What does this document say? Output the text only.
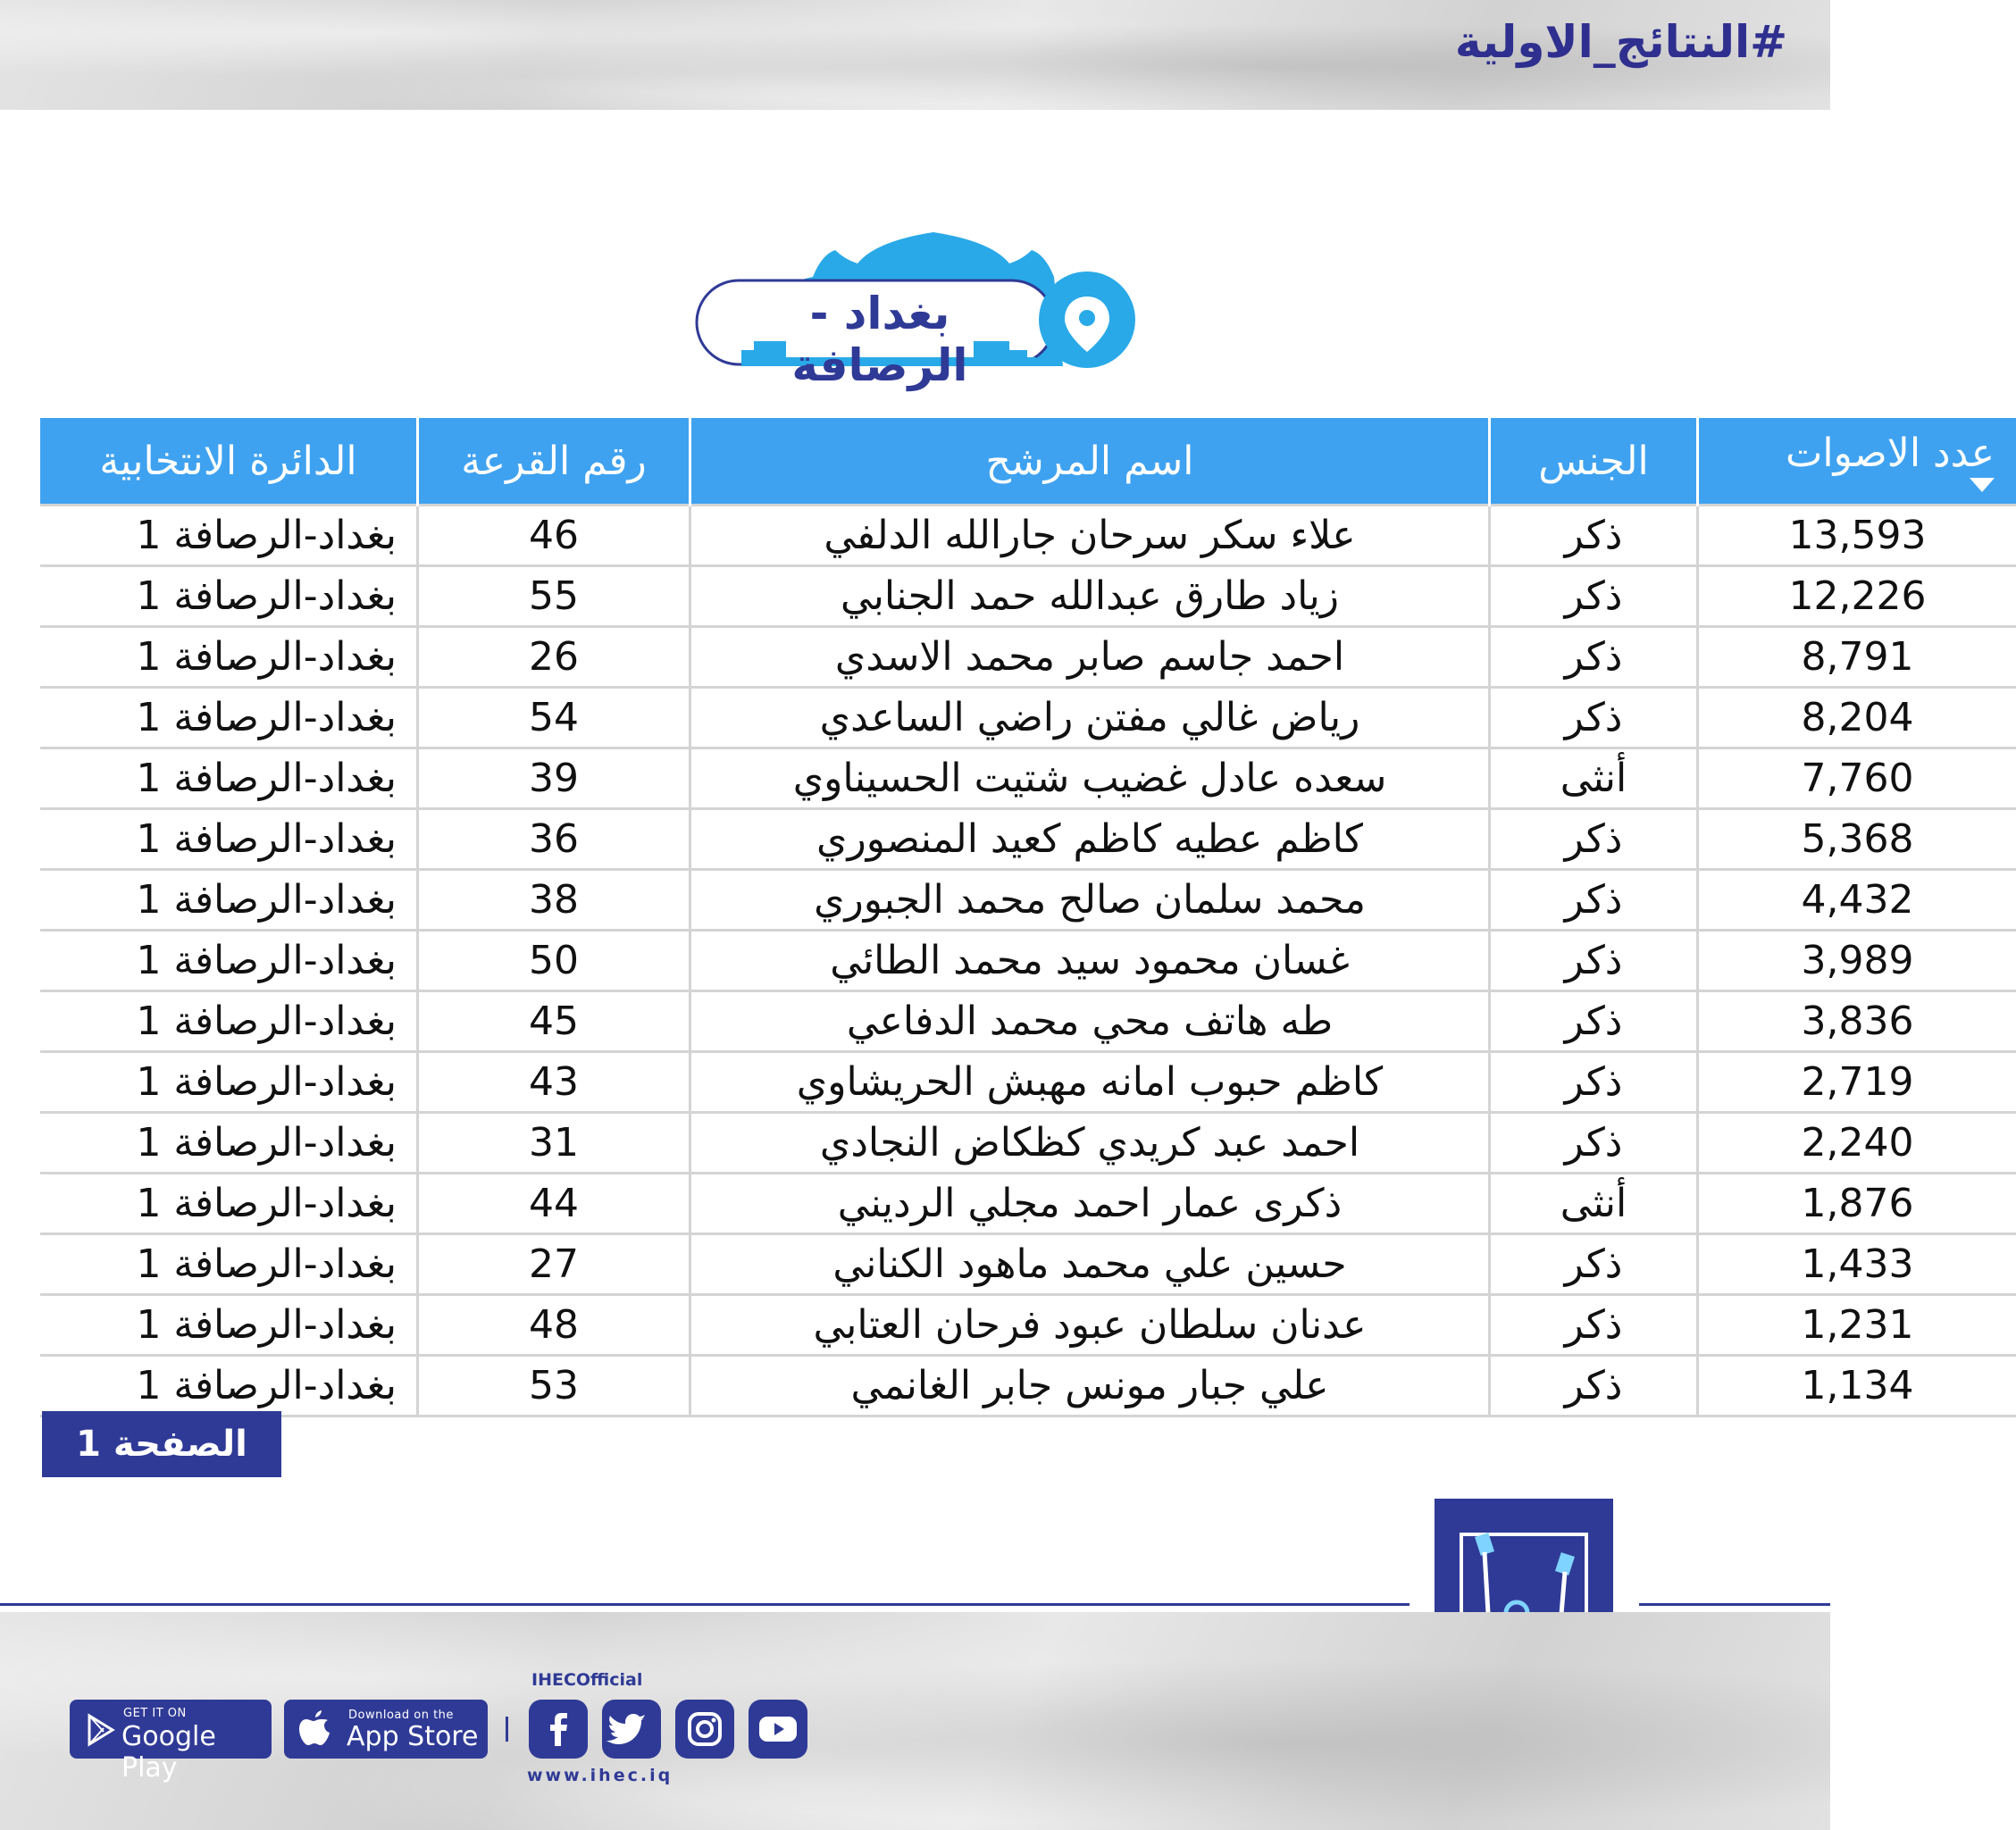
#النتائج_الاولية
بغداد - الرصافة
عدد الاصوات	الجنس	اسم المرشح	رقم القرعة	الدائرة الانتخابية
13,593	ذكر	علاء سكر سرحان جارالله الدلفي	46	بغداد-الرصافة 1
12,226	ذكر	زياد طارق عبدالله حمد الجنابي	55	بغداد-الرصافة 1
8,791	ذكر	احمد جاسم صابر محمد الاسدي	26	بغداد-الرصافة 1
8,204	ذكر	رياض غالي مفتن راضي الساعدي	54	بغداد-الرصافة 1
7,760	أنثى	سعده عادل غضيب شتيت الحسيناوي	39	بغداد-الرصافة 1
5,368	ذكر	كاظم عطيه كاظم كعيد المنصوري	36	بغداد-الرصافة 1
4,432	ذكر	محمد سلمان صالح محمد الجبوري	38	بغداد-الرصافة 1
3,989	ذكر	غسان محمود سيد محمد الطائي	50	بغداد-الرصافة 1
3,836	ذكر	طه هاتف محي محمد الدفاعي	45	بغداد-الرصافة 1
2,719	ذكر	كاظم حبوب امانه مهبش الحريشاوي	43	بغداد-الرصافة 1
2,240	ذكر	احمد عبد كريدي كظكاض النجادي	31	بغداد-الرصافة 1
1,876	أنثى	ذكرى عمار احمد مجلي الرديني	44	بغداد-الرصافة 1
1,433	ذكر	حسين علي محمد ماهود الكناني	27	بغداد-الرصافة 1
1,231	ذكر	عدنان سلطان عبود فرحان العتابي	48	بغداد-الرصافة 1
1,134	ذكر	علي جبار مونس جابر الغانمي	53	بغداد-الرصافة 1
الصفحة 1
GET IT ON
Google Play
Download on the
App Store
IHECOfficial
www.ihec.iq
